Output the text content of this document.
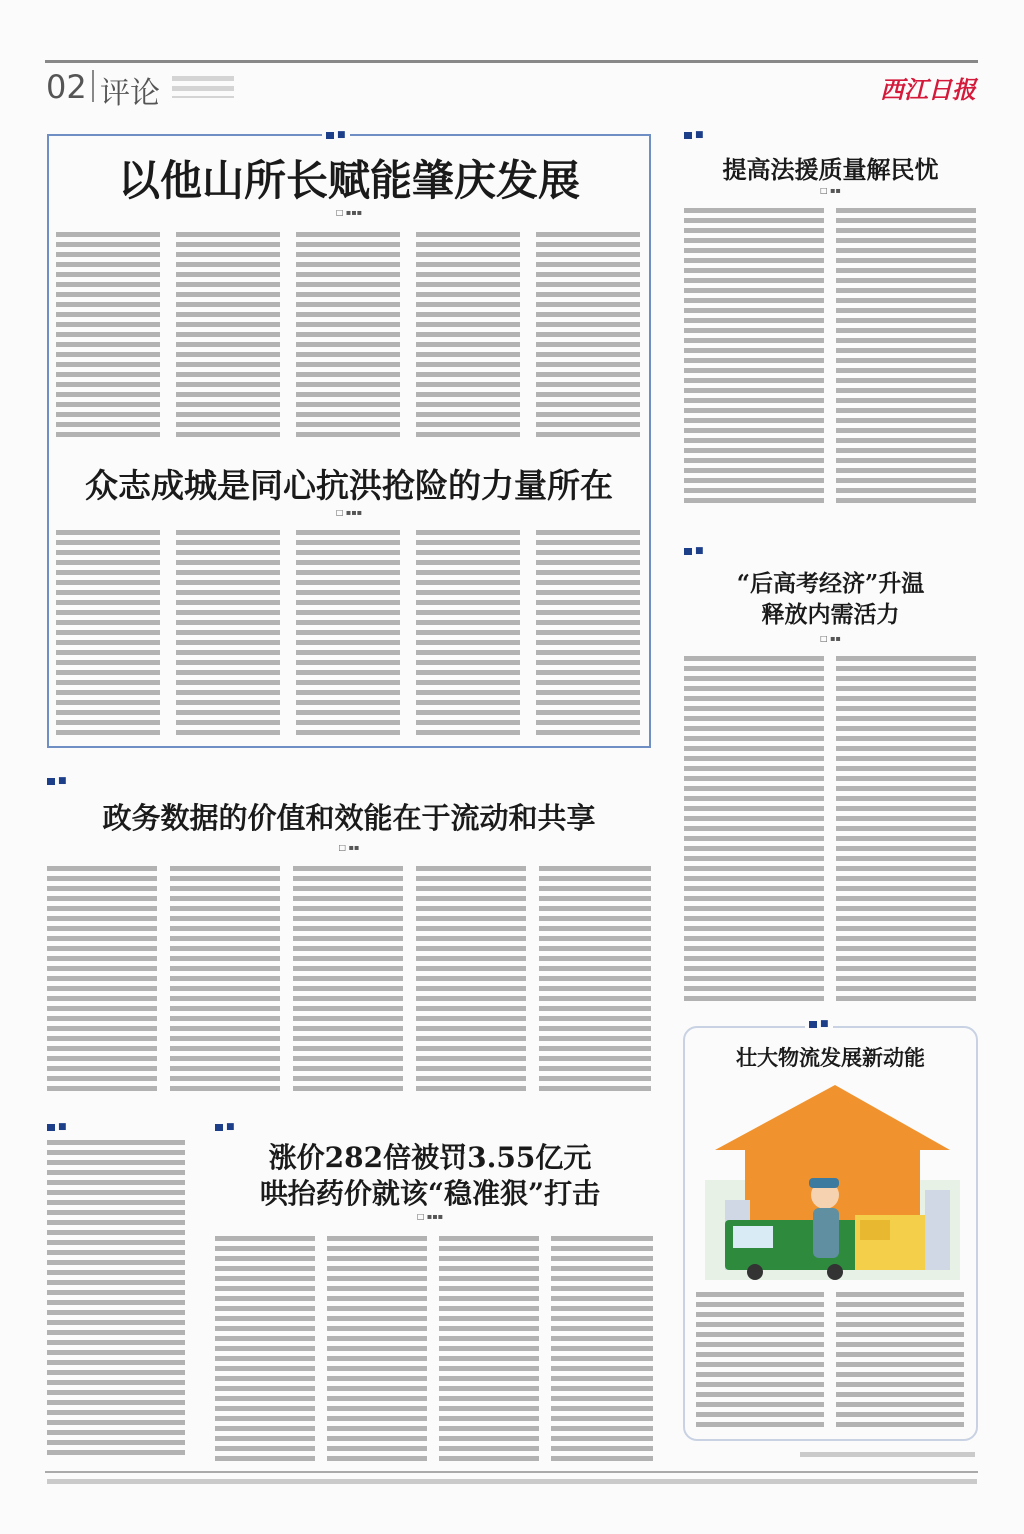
02 评论	西江日报
■
以他山所长赋能肇庆发展
□ ▪▪▪
众志成城是同心抗洪抢险的力量所在
□ ▪▪▪
■
提高法援质量解民忧
□ ▪▪
■
“后高考经济”升温
释放内需活力
□ ▪▪
■
政务数据的价值和效能在于流动和共享
□ ▪▪
■	■
涨价282倍被罚3.55亿元
哄抬药价就该“稳准狠”打击
□ ▪▪▪
■
壮大物流发展新动能
